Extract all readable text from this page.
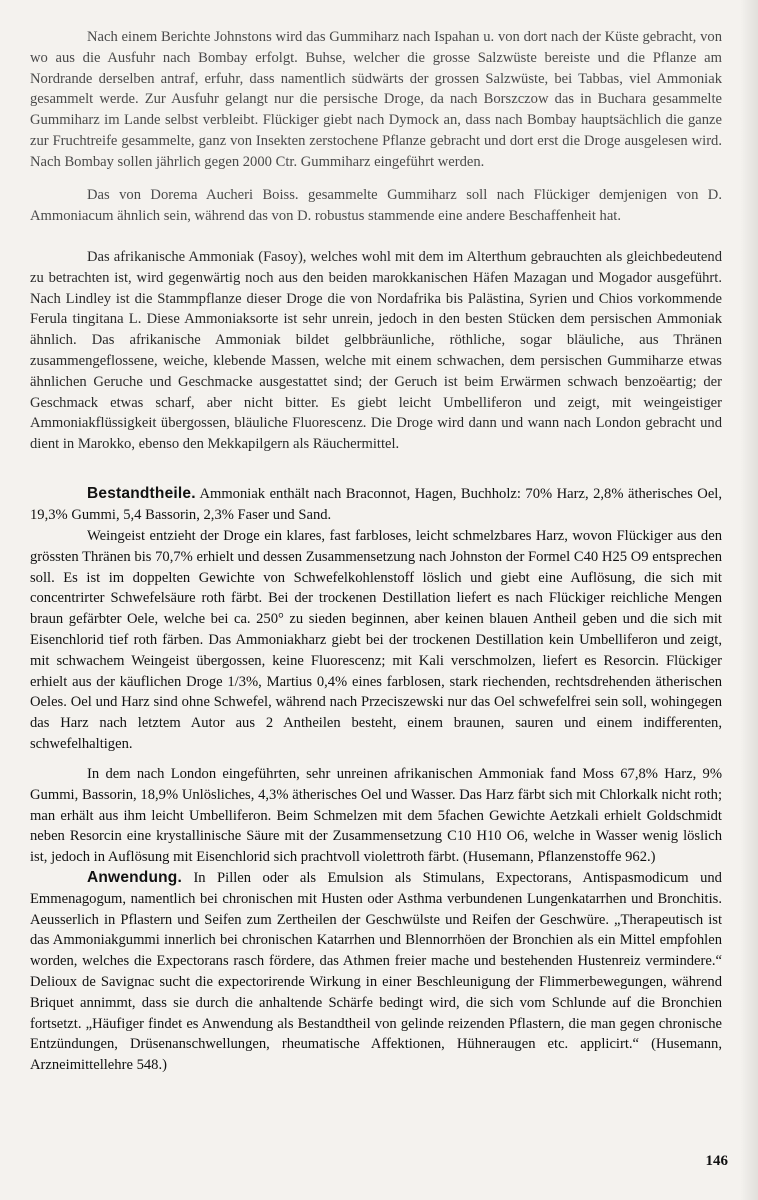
Nach einem Berichte Johnstons wird das Gummiharz nach Ispahan u. von dort nach der Küste gebracht, von wo aus die Ausfuhr nach Bombay erfolgt. Buhse, welcher die grosse Salzwüste bereiste und die Pflanze am Nordrande derselben antraf, erfuhr, dass namentlich südwärts der grossen Salzwüste, bei Tabbas, viel Ammoniak gesammelt werde. Zur Ausfuhr gelangt nur die persische Droge, da nach Borszczow das in Buchara gesammelte Gummiharz im Lande selbst verbleibt. Flückiger giebt nach Dymock an, dass nach Bombay hauptsächlich die ganze zur Fruchtreife gesammelte, ganz von Insekten zerstochene Pflanze gebracht und dort erst die Droge ausgelesen wird. Nach Bombay sollen jährlich gegen 2000 Ctr. Gummiharz eingeführt werden.

Das von Dorema Aucheri Boiss. gesammelte Gummiharz soll nach Flückiger demjenigen von D. Ammoniacum ähnlich sein, während das von D. robustus stammende eine andere Beschaffenheit hat.

Das afrikanische Ammoniak (Fasoy), welches wohl mit dem im Alterthum gebrauchten als gleichbedeutend zu betrachten ist, wird gegenwärtig noch aus den beiden marokkanischen Häfen Mazagan und Mogador ausgeführt. Nach Lindley ist die Stammpflanze dieser Droge die von Nordafrika bis Palästina, Syrien und Chios vorkommende Ferula tingitana L. Diese Ammoniaksorte ist sehr unrein, jedoch in den besten Stücken dem persischen Ammoniak ähnlich. Das afrikanische Ammoniak bildet gelbbräunliche, röthliche, sogar bläuliche, aus Thränen zusammengeflossene, weiche, klebende Massen, welche mit einem schwachen, dem persischen Gummiharze etwas ähnlichen Geruche und Geschmacke ausgestattet sind; der Geruch ist beim Erwärmen schwach benzoëartig; der Geschmack etwas scharf, aber nicht bitter. Es giebt leicht Umbelliferon und zeigt, mit weingeistiger Ammoniakflüssigkeit übergossen, bläuliche Fluorescenz. Die Droge wird dann und wann nach London gebracht und dient in Marokko, ebenso den Mekkapilgern als Räuchermittel.

Bestandtheile. Ammoniak enthält nach Braconnot, Hagen, Buchholz: 70% Harz, 2,8% ätherisches Oel, 19,3% Gummi, 5,4 Bassorin, 2,3% Faser und Sand.

Weingeist entzieht der Droge ein klares, fast farbloses, leicht schmelzbares Harz, wovon Flückiger aus den grössten Thränen bis 70,7% erhielt und dessen Zusammensetzung nach Johnston der Formel C40 H25 O9 entsprechen soll. Es ist im doppelten Gewichte von Schwefelkohlenstoff löslich und giebt eine Auflösung, die sich mit concentrirter Schwefelsäure roth färbt. Bei der trockenen Destillation liefert es nach Flückiger reichliche Mengen braun gefärbter Oele, welche bei ca. 250° zu sieden beginnen, aber keinen blauen Antheil geben und die sich mit Eisenchlorid tief roth färben. Das Ammoniakharz giebt bei der trockenen Destillation kein Umbelliferon und zeigt, mit schwachem Weingeist übergossen, keine Fluorescenz; mit Kali verschmolzen, liefert es Resorcin. Flückiger erhielt aus der käuflichen Droge 1/3%, Martius 0,4% eines farblosen, stark riechenden, rechtsdrehenden ätherischen Oeles. Oel und Harz sind ohne Schwefel, während nach Przeciszewski nur das Oel schwefelfrei sein soll, wohingegen das Harz nach letztem Autor aus 2 Antheilen besteht, einem braunen, sauren und einem indifferenten, schwefelhaltigen.

In dem nach London eingeführten, sehr unreinen afrikanischen Ammoniak fand Moss 67,8% Harz, 9% Gummi, Bassorin, 18,9% Unlösliches, 4,3% ätherisches Oel und Wasser. Das Harz färbt sich mit Chlorkalk nicht roth; man erhält aus ihm leicht Umbelliferon. Beim Schmelzen mit dem 5fachen Gewichte Aetzkali erhielt Goldschmidt neben Resorcin eine krystallinische Säure mit der Zusammensetzung C10 H10 O6, welche in Wasser wenig löslich ist, jedoch in Auflösung mit Eisenchlorid sich prachtvoll violettroth färbt. (Husemann, Pflanzenstoffe 962.)

Anwendung. In Pillen oder als Emulsion als Stimulans, Expectorans, Antispasmodicum und Emmenagogum, namentlich bei chronischen mit Husten oder Asthma verbundenen Lungenkatarrhen und Bronchitis. Aeusserlich in Pflastern und Seifen zum Zertheilen der Geschwülste und Reifen der Geschwüre. „Therapeutisch ist das Ammoniakgummi innerlich bei chronischen Katarrhen und Blennorrhöen der Bronchien als ein Mittel empfohlen worden, welches die Expectorans rasch fördere, das Athmen freier mache und bestehenden Hustenreiz vermindere.“ Delioux de Savignac sucht die expectorirende Wirkung in einer Beschleunigung der Flimmerbewegungen, während Briquet annimmt, dass sie durch die anhaltende Schärfe bedingt wird, die sich vom Schlunde auf die Bronchien fortsetzt. „Häufiger findet es Anwendung als Bestandtheil von gelinde reizenden Pflastern, die man gegen chronische Entzündungen, Drüsenanschwellungen, rheumatische Affektionen, Hühneraugen etc. applicirt.“ (Husemann, Arzneimittellehre 548.)
146
